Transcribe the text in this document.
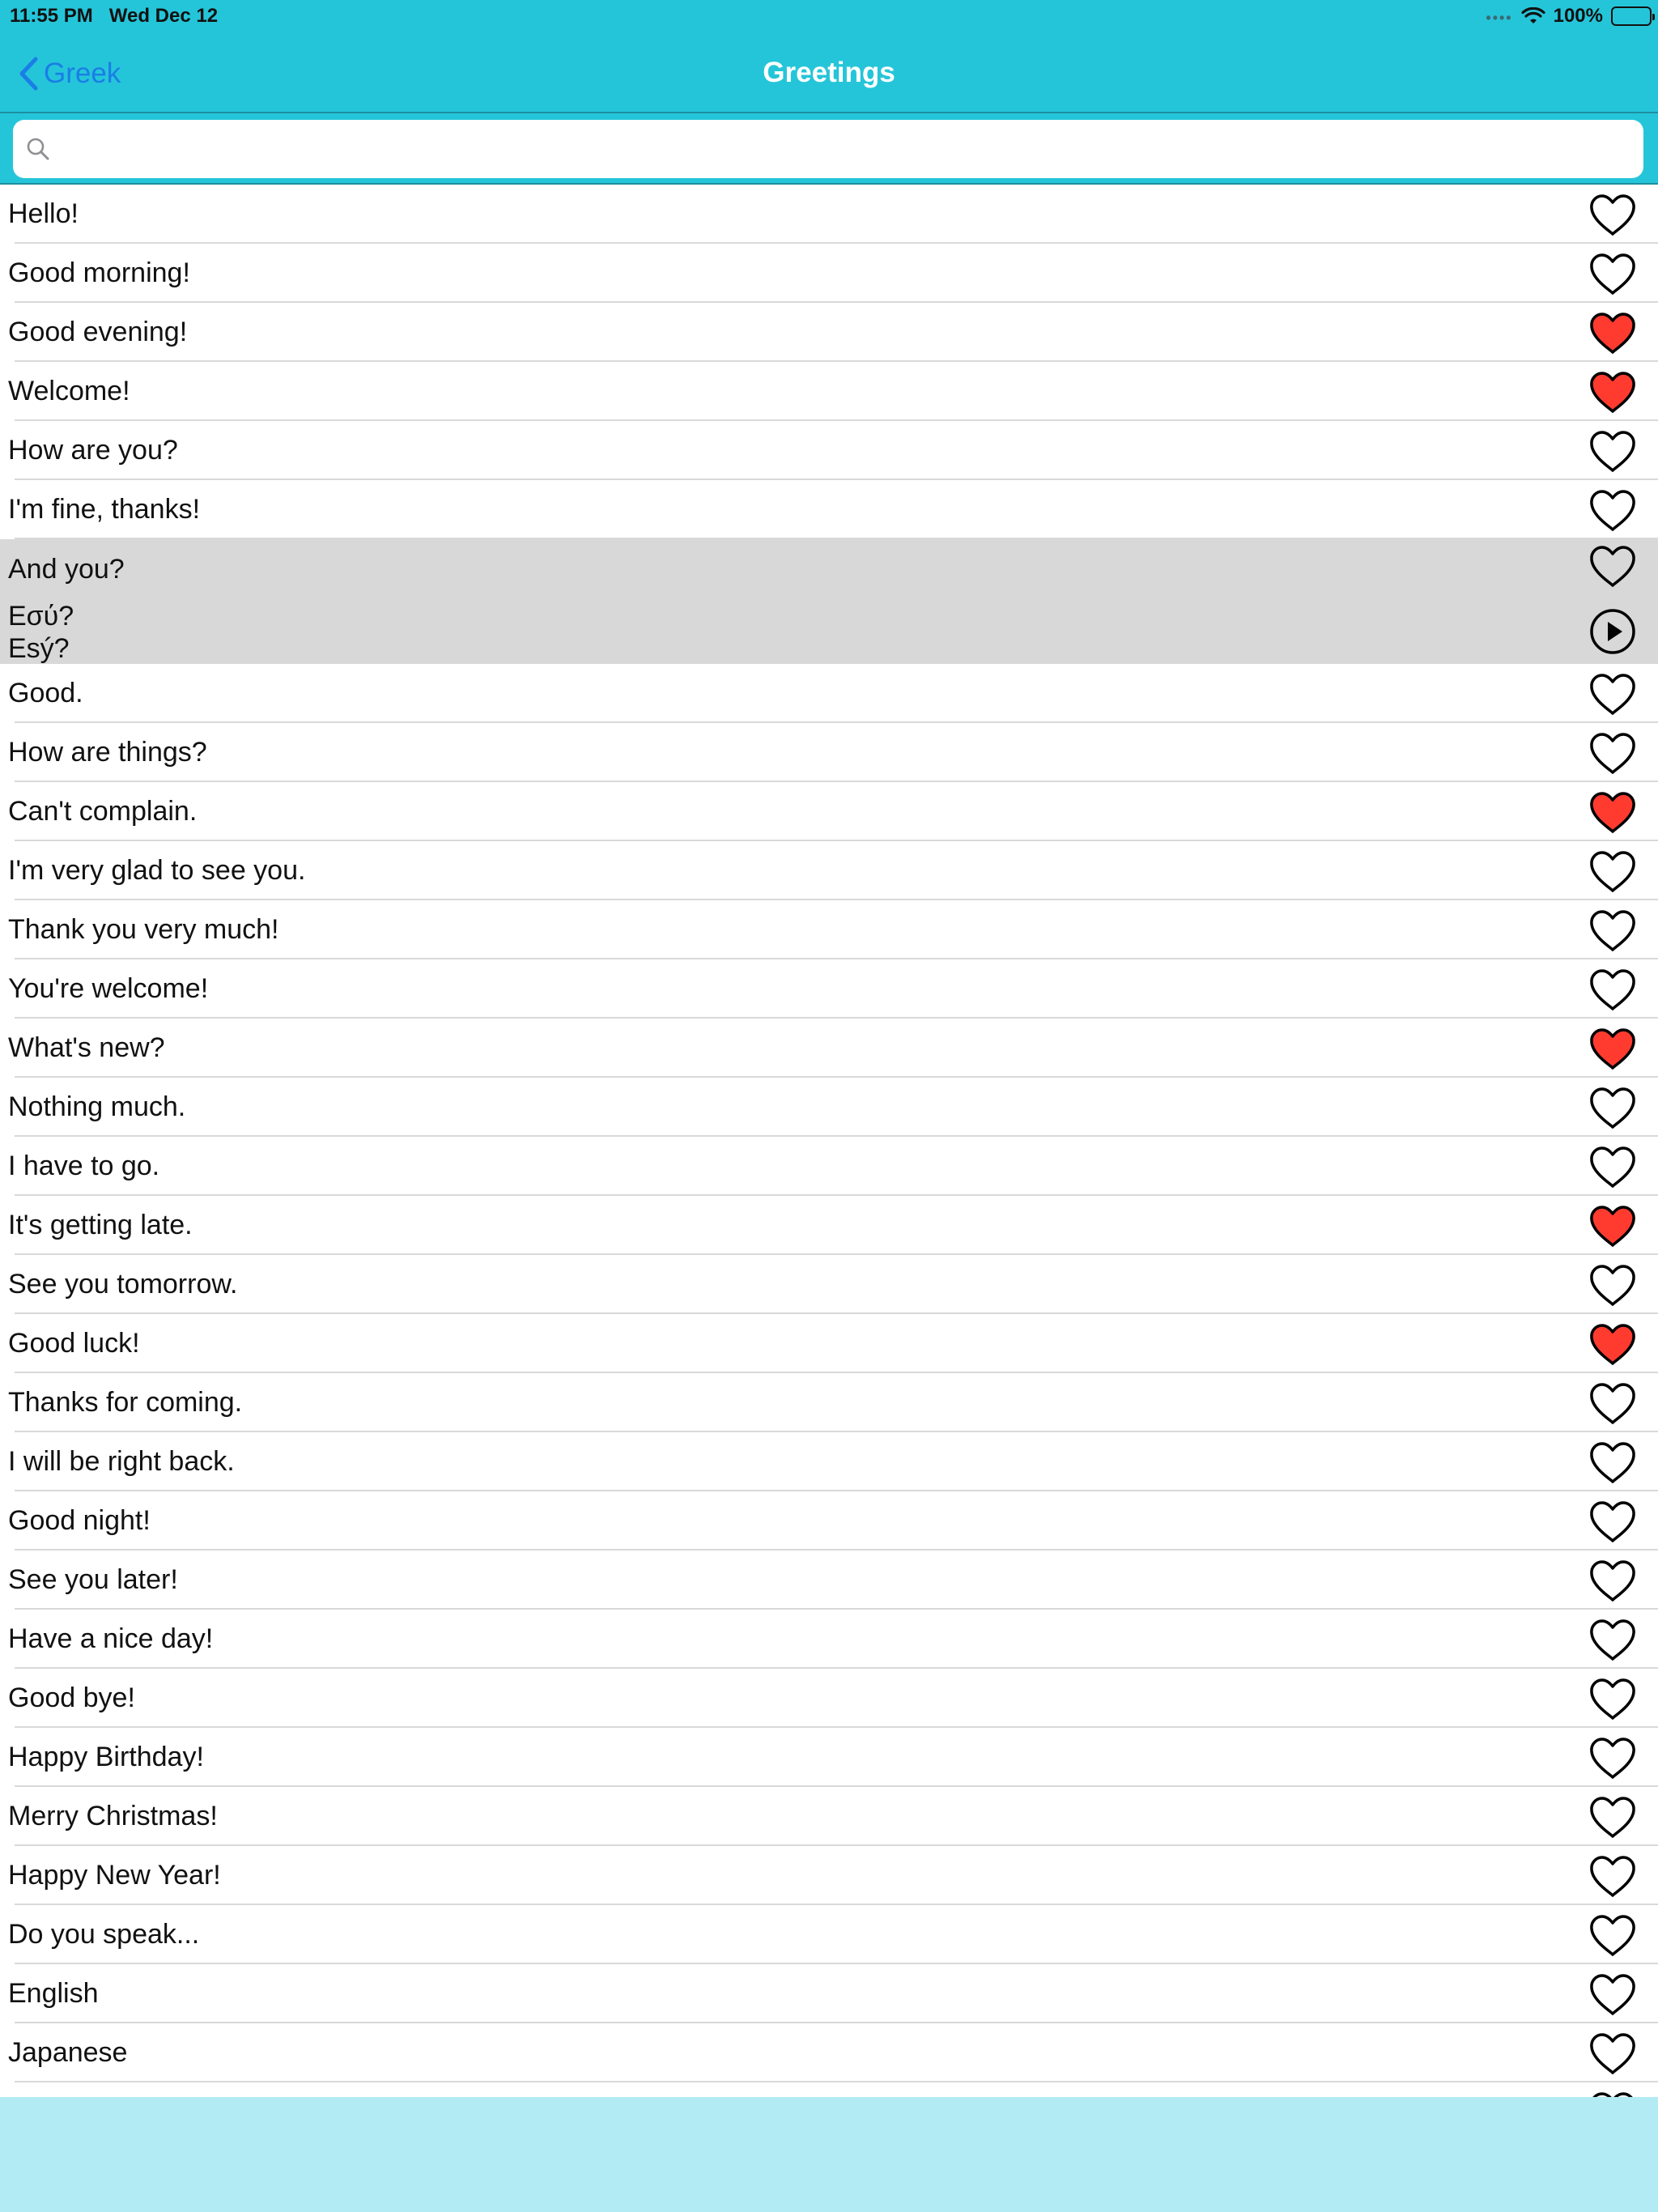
11:55 PM Wed Dec 12	•••• 100%
Greek	Greetings
Hello!
Good morning!
Good evening!
Welcome!
How are you?
I'm fine, thanks!
And you?
Εσύ?
Esý?
Good.
How are things?
Can't complain.
I'm very glad to see you.
Thank you very much!
You're welcome!
What's new?
Nothing much.
I have to go.
It's getting late.
See you tomorrow.
Good luck!
Thanks for coming.
I will be right back.
Good night!
See you later!
Have a nice day!
Good bye!
Happy Birthday!
Merry Christmas!
Happy New Year!
Do you speak...
English
Japanese
